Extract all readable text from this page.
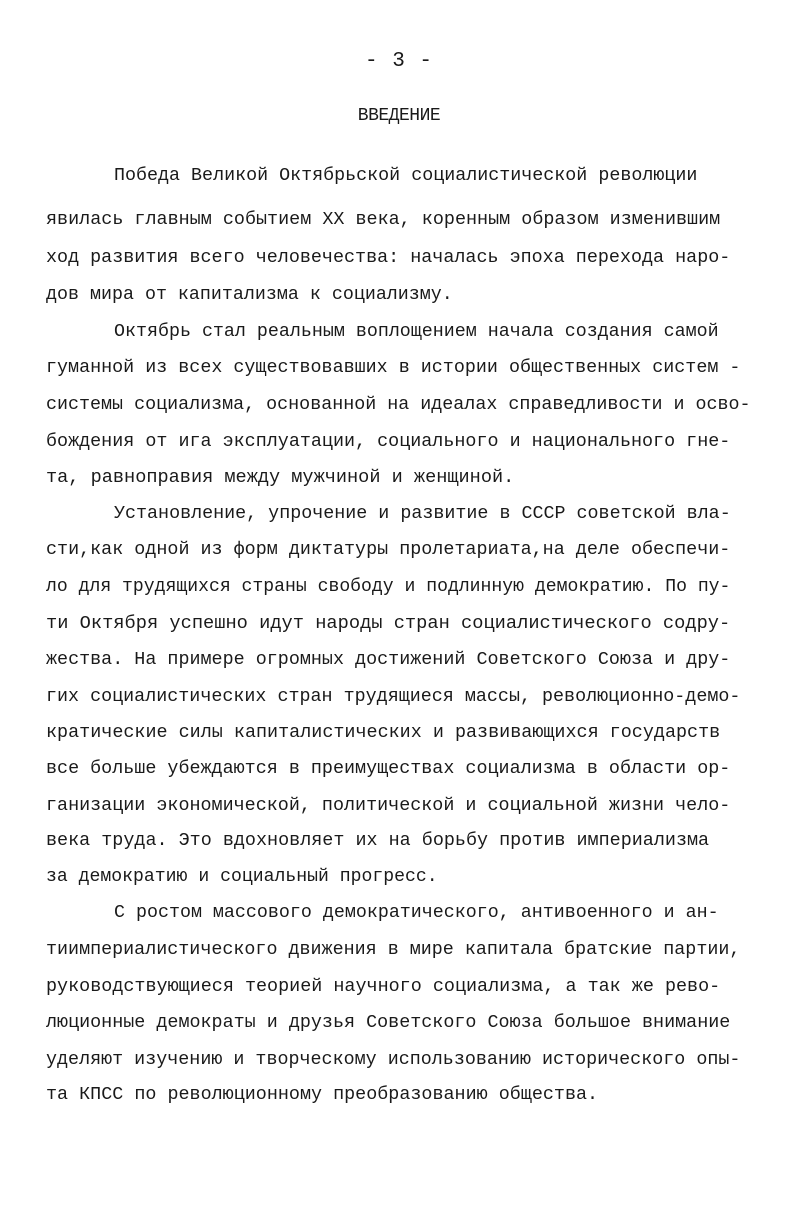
- 3 -
ВВЕДЕНИЕ
Победа Великой Октябрьской социалистической революции
явилась главным событием XX века, коренным образом изменившим
ход развития всего человечества: началась эпоха перехода наро-
дов мира от капитализма к социализму.
Октябрь стал реальным воплощением начала создания самой
гуманной из всех существовавших в истории общественных систем -
системы социализма, основанной на идеалах справедливости и осво-
бождения от ига эксплуатации, социального и национального гне-
та, равноправия между мужчиной и женщиной.
Установление, упрочение и развитие в СССР советской вла-
сти,как одной из форм диктатуры пролетариата,на деле обеспечи-
ло для трудящихся страны свободу и подлинную демократию. По пу-
ти Октября успешно идут народы стран социалистического содру-
жества. На примере огромных достижений Советского Союза и дру-
гих социалистических стран трудящиеся массы, революционно-демо-
кратические силы капиталистических и развивающихся государств
все больше убеждаются в преимуществах социализма в области ор-
ганизации экономической, политической и социальной жизни чело-
века труда. Это вдохновляет их на борьбу против империализма
за демократию и социальный прогресс.
С ростом массового демократического, антивоенного и ан-
тиимпериалистического движения в мире капитала братские партии,
руководствующиеся теорией научного социализма, а так же рево-
люционные демократы и друзья Советского Союза большое внимание
уделяют изучению и творческому использованию исторического опы-
та КПСС по революционному преобразованию общества.
